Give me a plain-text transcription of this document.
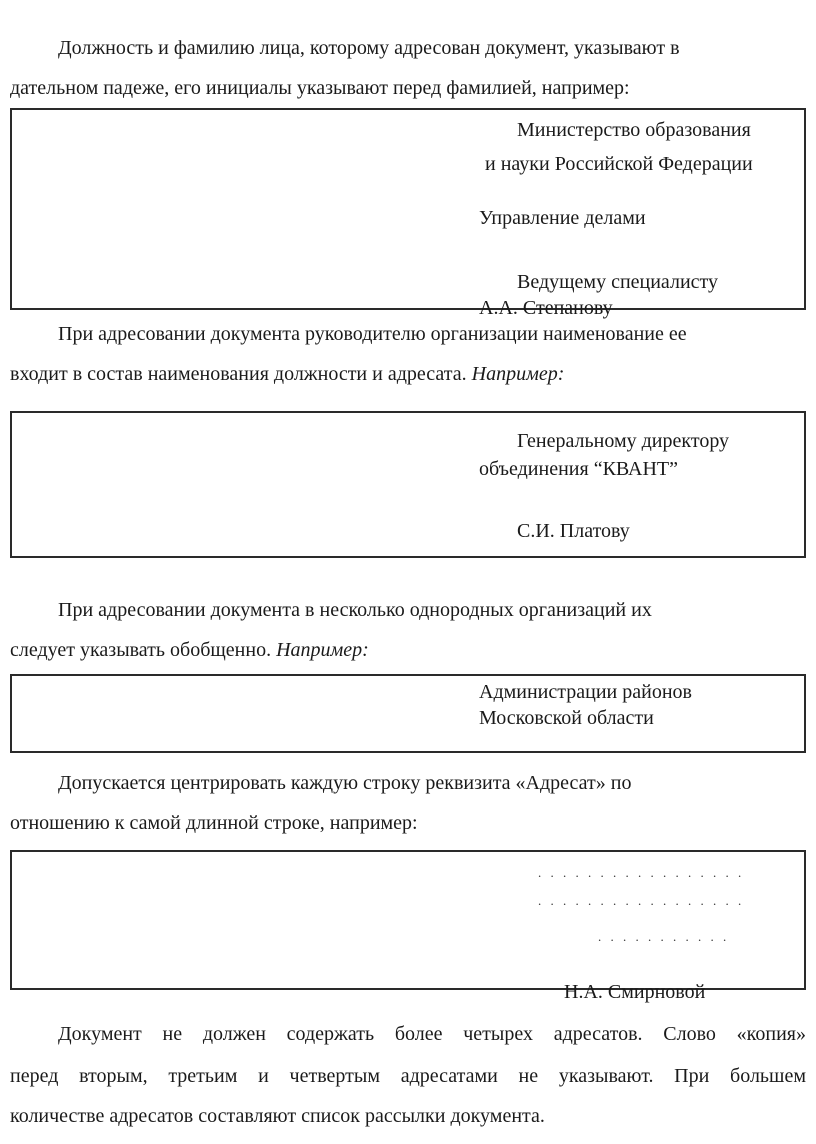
Должность и фамилию лица, которому адресован документ, указывают в
дательном падеже, его инициалы указывают перед фамилией, например:
Министерство образования
и науки Российской Федерации
Управление делами
Ведущему специалисту
А.А. Степанову
При адресовании документа руководителю организации наименование ее
входит в состав наименования должности и адресата. Например:
Генеральному директору
объединения “КВАНТ”
С.И. Платову
При адресовании документа в несколько однородных организаций их
следует указывать обобщенно. Например:
Администрации районов
Московской области
Допускается центрировать каждую строку реквизита «Адресат» по
отношению к самой длинной строке, например:
. . . . . . . . . . . . . . . . .
. . . . . . . . . . . . . . . . .
. . . . . . . . . . .
Н.А. Смирновой
Документ не должен содержать более четырех адресатов. Слово «копия»
перед вторым, третьим и четвертым адресатами не указывают. При большем
количестве адресатов составляют список рассылки документа.
